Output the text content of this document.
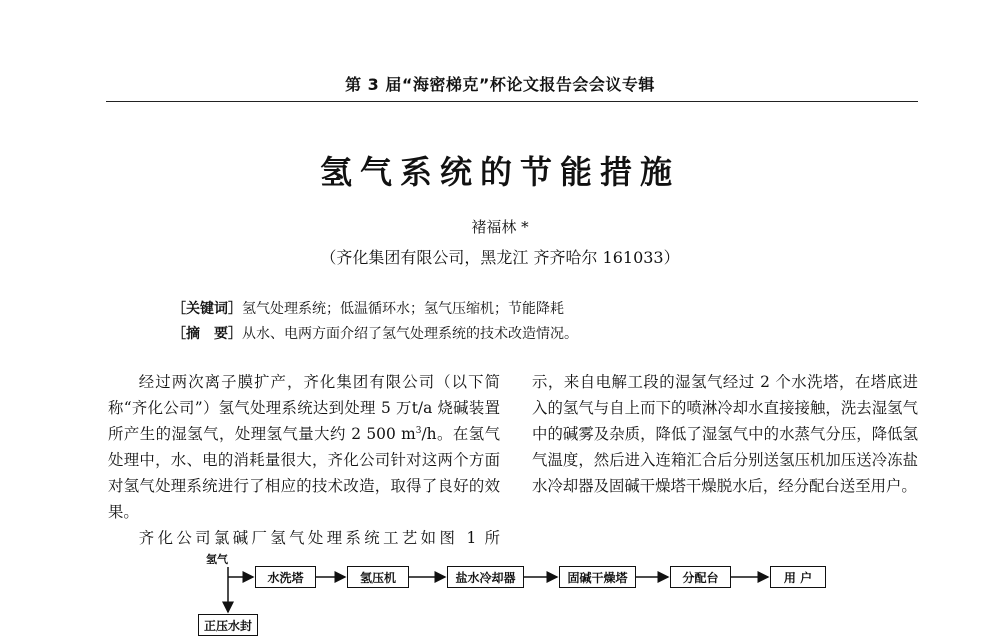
第 3 届“海密梯克”杯论文报告会会议专辑
氢气系统的节能措施
褚福林 *
（齐化集团有限公司，黑龙江 齐齐哈尔 161033）
［关键词］氢气处理系统；低温循环水；氢气压缩机；节能降耗
［摘　要］从水、电两方面介绍了氢气处理系统的技术改造情况。

经过两次离子膜扩产，齐化集团有限公司（以下简称“齐化公司”）氢气处理系统达到处理 5 万t/a 烧碱装置所产生的湿氢气，处理氢气量大约 2 500 $m^3/h$。在氢气处理中，水、电的消耗量很大，齐化公司针对这两个方面对氢气处理系统进行了相应的技术改造，取得了良好的效果。

齐化公司氯碱厂氢气处理系统工艺如图 1 所

示，来自电解工段的湿氢气经过 2 个水洗塔，在塔底进入的氢气与自上而下的喷淋冷却水直接接触，洗去湿氢气中的碱雾及杂质，降低了湿氢气中的水蒸气分压，降低氢气温度，然后进入连箱汇合后分别送氢压机加压送冷冻盐水冷却器及固碱干燥塔干燥脱水后，经分配台送至用户。

氢气
水洗塔	氢压机	盐水冷却器	固碱干燥塔	分配台	用 户
正压水封
